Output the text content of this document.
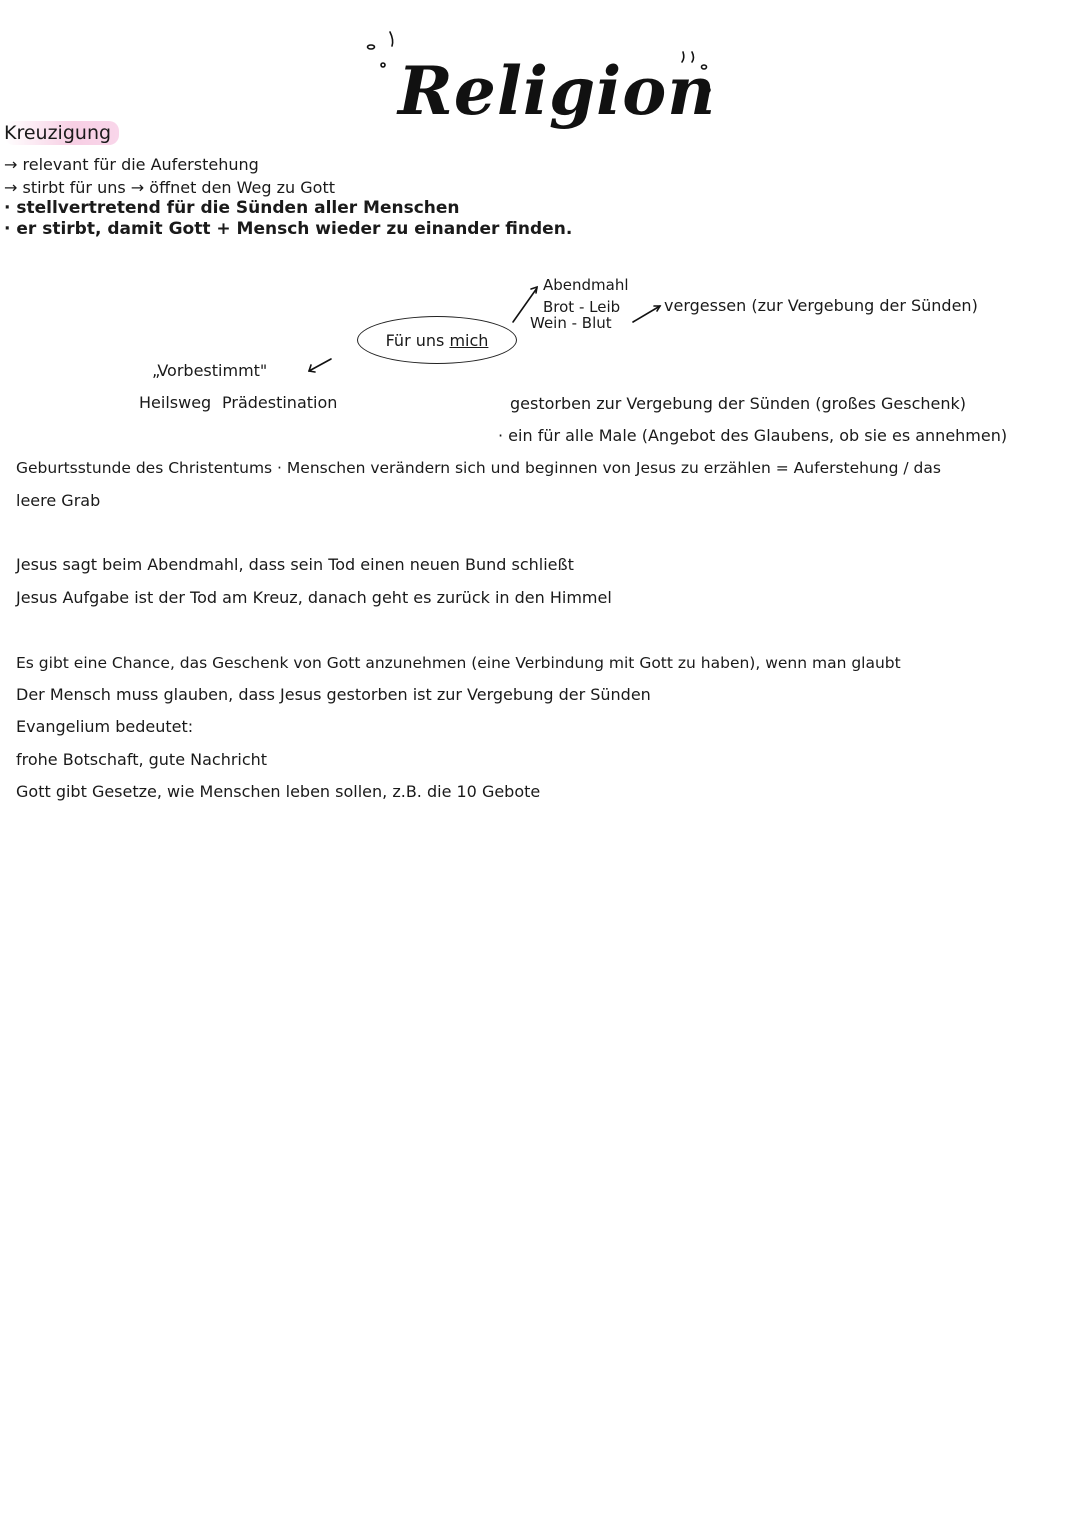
Religion
Kreuzigung
→ relevant für die Auferstehung
→ stirbt für uns → öffnet den Weg zu Gott
· stellvertretend für die Sünden aller Menschen
· er stirbt, damit Gott + Mensch wieder zu einander finden.
Abendmahl
Brot - Leib
Wein - Blut
vergessen (zur Vergebung der Sünden)
Für uns
mich
„Vorbestimmt"
Heilsweg Prädestination	gestorben zur Vergebung der Sünden (großes Geschenk)
· ein für alle Male (Angebot des Glaubens, ob sie es annehmen)
Geburtsstunde des Christentums · Menschen verändern sich und beginnen von Jesus zu erzählen = Auferstehung / das
leere Grab
Jesus sagt beim Abendmahl, dass sein Tod einen neuen Bund schließt
Jesus Aufgabe ist der Tod am Kreuz, danach geht es zurück in den Himmel
Es gibt eine Chance, das Geschenk von Gott anzunehmen (eine Verbindung mit Gott zu haben), wenn man glaubt
Der Mensch muss glauben, dass Jesus gestorben ist zur Vergebung der Sünden
Evangelium bedeutet:
frohe Botschaft, gute Nachricht
Gott gibt Gesetze, wie Menschen leben sollen, z.B. die 10 Gebote
